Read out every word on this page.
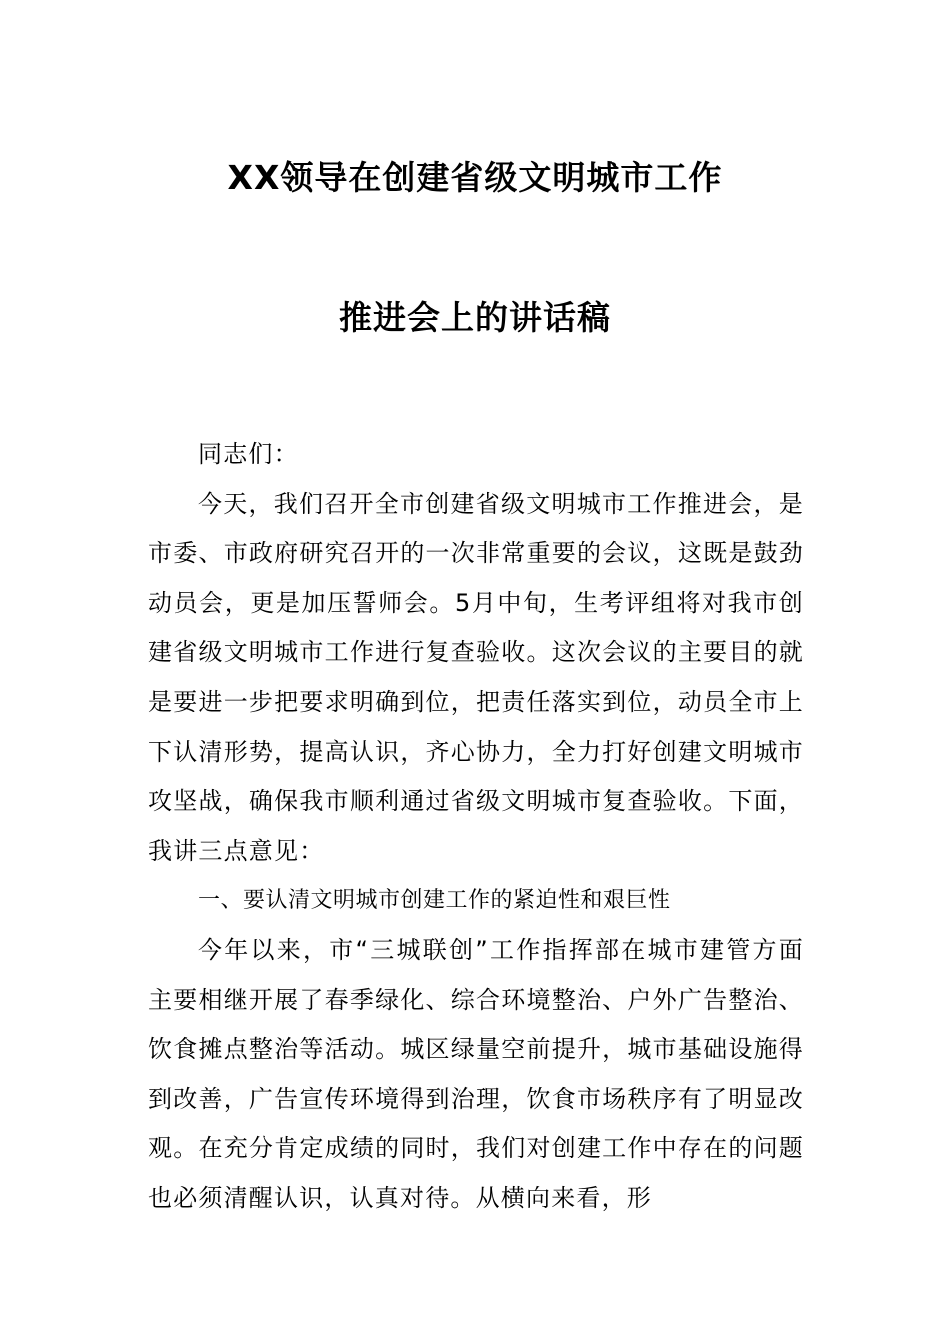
XX领导在创建省级文明城市工作
推进会上的讲话稿

同志们：

今天，我们召开全市创建省级文明城市工作推进会，是市委、市政府研究召开的一次非常重要的会议，这既是鼓劲动员会，更是加压誓师会。5月中旬，生考评组将对我市创建省级文明城市工作进行复查验收。这次会议的主要目的就是要进一步把要求明确到位，把责任落实到位，动员全市上下认清形势，提高认识，齐心协力，全力打好创建文明城市攻坚战，确保我市顺利通过省级文明城市复查验收。下面，我讲三点意见：

一、要认清文明城市创建工作的紧迫性和艰巨性

今年以来，市“三城联创”工作指挥部在城市建管方面主要相继开展了春季绿化、综合环境整治、户外广告整治、饮食摊点整治等活动。城区绿量空前提升，城市基础设施得到改善，广告宣传环境得到治理，饮食市场秩序有了明显改观。在充分肯定成绩的同时，我们对创建工作中存在的问题也必须清醒认识，认真对待。从横向来看，形
